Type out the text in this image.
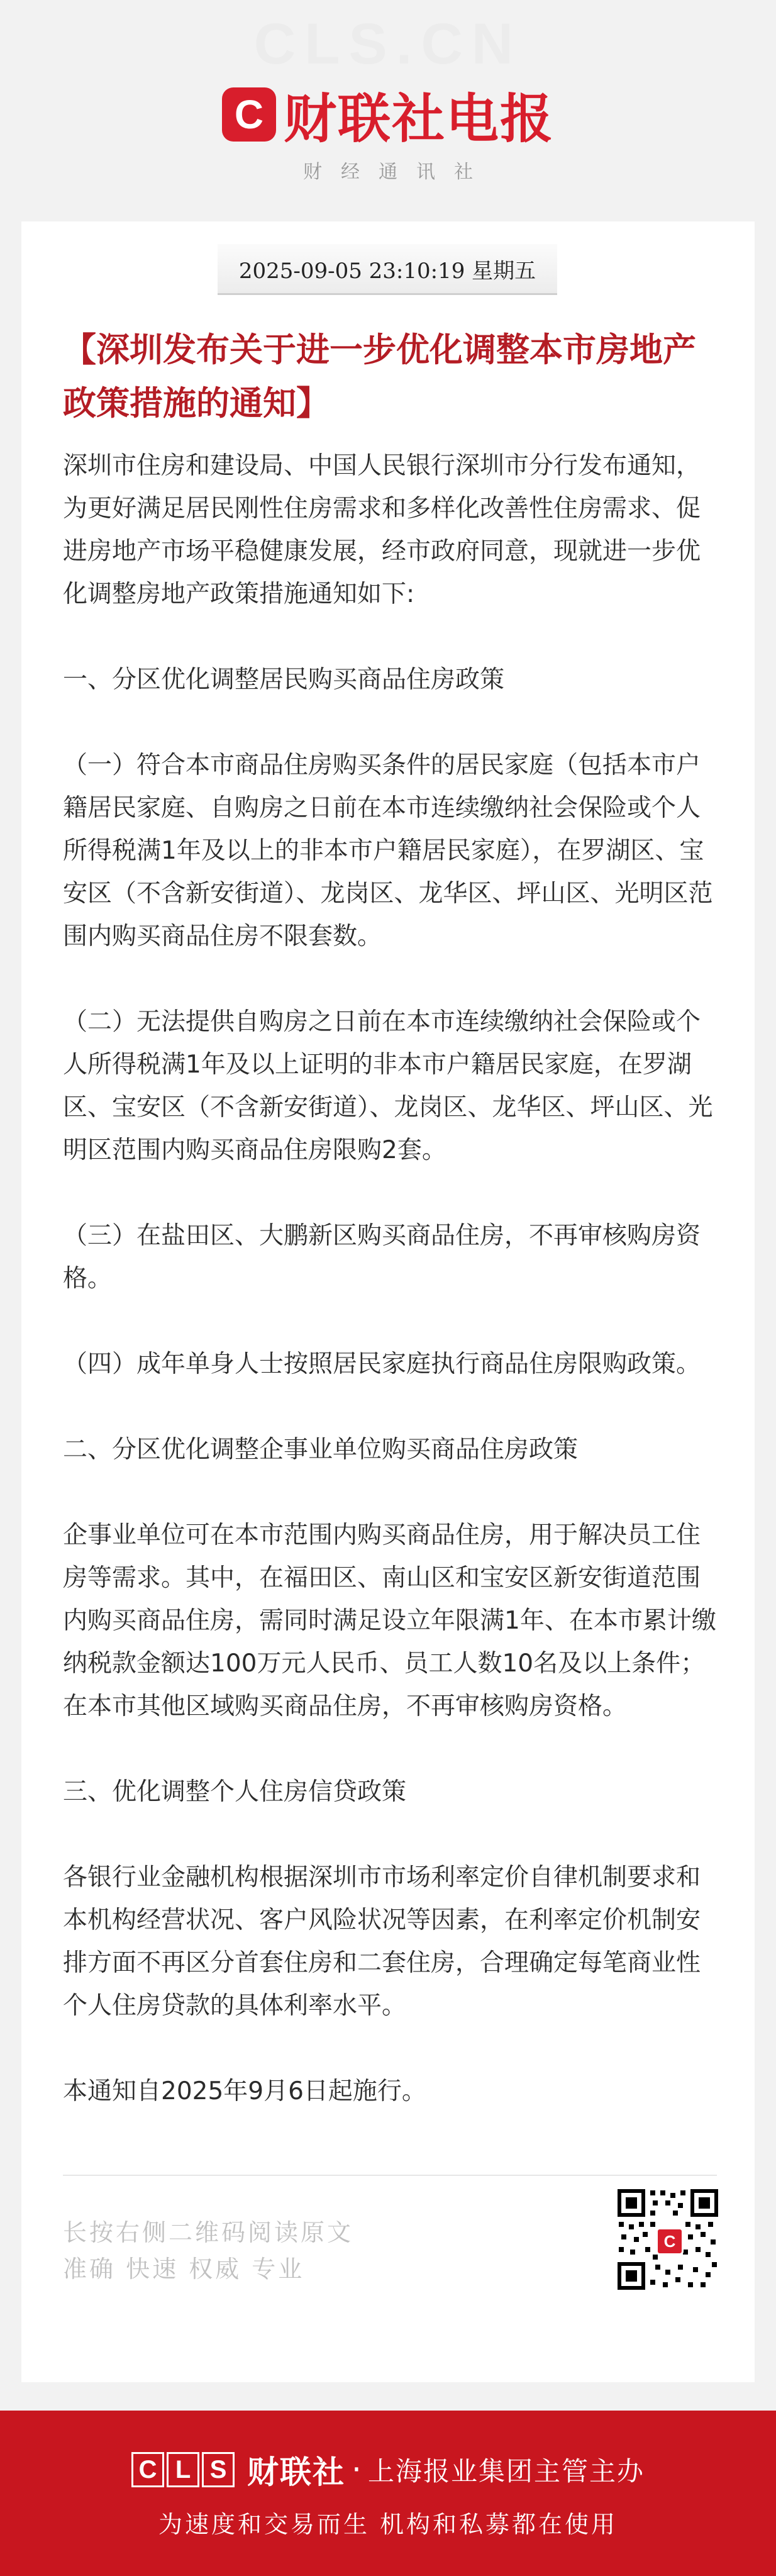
CLS.CN
C 财联社电报
财经通讯社
2025-09-05 23:10:19 星期五
【深圳发布关于进一步优化调整本市房地产政策措施的通知】

深圳市住房和建设局、中国人民银行深圳市分行发布通知，为更好满足居民刚性住房需求和多样化改善性住房需求、促进房地产市场平稳健康发展，经市政府同意，现就进一步优化调整房地产政策措施通知如下:

一、分区优化调整居民购买商品住房政策

（一）符合本市商品住房购买条件的居民家庭（包括本市户籍居民家庭、自购房之日前在本市连续缴纳社会保险或个人所得税满1年及以上的非本市户籍居民家庭），在罗湖区、宝安区（不含新安街道）、龙岗区、龙华区、坪山区、光明区范围内购买商品住房不限套数。

（二）无法提供自购房之日前在本市连续缴纳社会保险或个人所得税满1年及以上证明的非本市户籍居民家庭，在罗湖区、宝安区（不含新安街道）、龙岗区、龙华区、坪山区、光明区范围内购买商品住房限购2套。

（三）在盐田区、大鹏新区购买商品住房，不再审核购房资格。

（四）成年单身人士按照居民家庭执行商品住房限购政策。

二、分区优化调整企事业单位购买商品住房政策

企事业单位可在本市范围内购买商品住房，用于解决员工住房等需求。其中，在福田区、南山区和宝安区新安街道范围内购买商品住房，需同时满足设立年限满1年、在本市累计缴纳税款金额达100万元人民币、员工人数10名及以上条件；在本市其他区域购买商品住房，不再审核购房资格。

三、优化调整个人住房信贷政策

各银行业金融机构根据深圳市市场利率定价自律机制要求和本机构经营状况、客户风险状况等因素，在利率定价机制安排方面不再区分首套住房和二套住房，合理确定每笔商业性个人住房贷款的具体利率水平。

本通知自2025年9月6日起施行。

长按右侧二维码阅读原文
准确 快速 权威 专业
C
C L S 财联社 · 上海报业集团主管主办
为速度和交易而生 机构和私募都在使用
